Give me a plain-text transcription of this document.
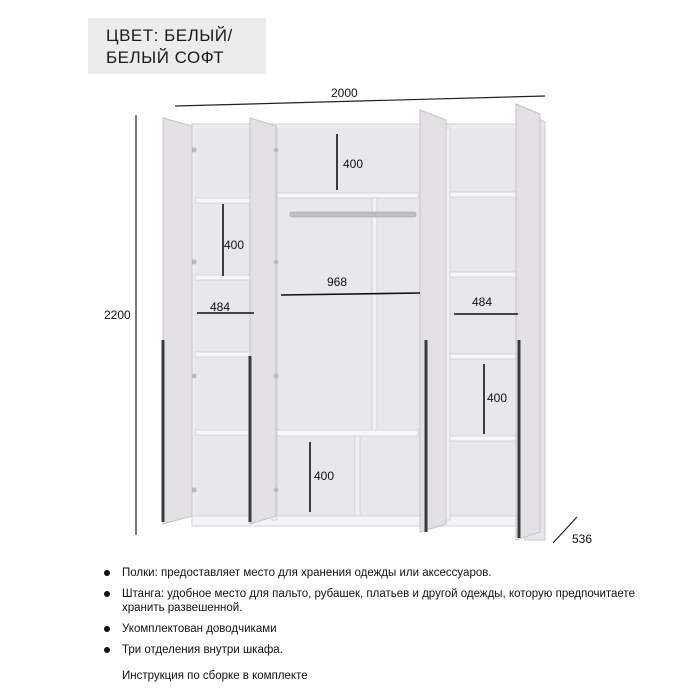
ЦВЕТ: БЕЛЫЙ/
БЕЛЫЙ СОФТ
2000
2200
536
400
400
968
484	484
400
400
Полки: предоставляет место для хранения одежды или аксессуаров.
Штанга: удобное место для пальто, рубашек, платьев и другой одежды, которую предпочитаете хранить развешенной.
Укомплектован доводчиками
Три отделения внутри шкафа.
Инструкция по сборке в комплекте
